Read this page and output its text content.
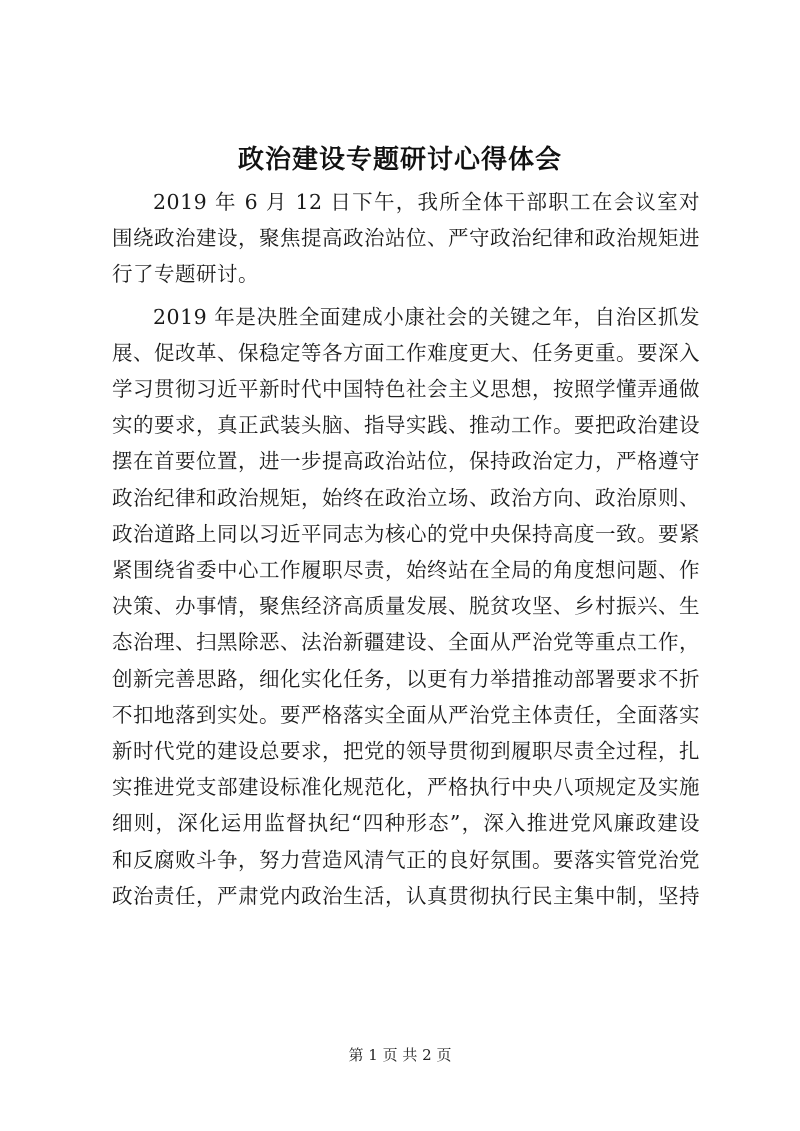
政治建设专题研讨心得体会

2019 年 6 月 12 日下午，我所全体干部职工在会议室对围绕政治建设，聚焦提高政治站位、严守政治纪律和政治规矩进行了专题研讨。

2019 年是决胜全面建成小康社会的关键之年，自治区抓发展、促改革、保稳定等各方面工作难度更大、任务更重。要深入学习贯彻习近平新时代中国特色社会主义思想，按照学懂弄通做实的要求，真正武装头脑、指导实践、推动工作。要把政治建设摆在首要位置，进一步提高政治站位，保持政治定力，严格遵守政治纪律和政治规矩，始终在政治立场、政治方向、政治原则、政治道路上同以习近平同志为核心的党中央保持高度一致。要紧紧围绕省委中心工作履职尽责，始终站在全局的角度想问题、作决策、办事情，聚焦经济高质量发展、脱贫攻坚、乡村振兴、生态治理、扫黑除恶、法治新疆建设、全面从严治党等重点工作，创新完善思路，细化实化任务，以更有力举措推动部署要求不折不扣地落到实处。要严格落实全面从严治党主体责任，全面落实新时代党的建设总要求，把党的领导贯彻到履职尽责全过程，扎实推进党支部建设标准化规范化，严格执行中央八项规定及实施细则，深化运用监督执纪“四种形态”，深入推进党风廉政建设和反腐败斗争，努力营造风清气正的良好氛围。要落实管党治党政治责任，严肃党内政治生活，认真贯彻执行民主集中制，坚持

第 1 页 共 2 页
